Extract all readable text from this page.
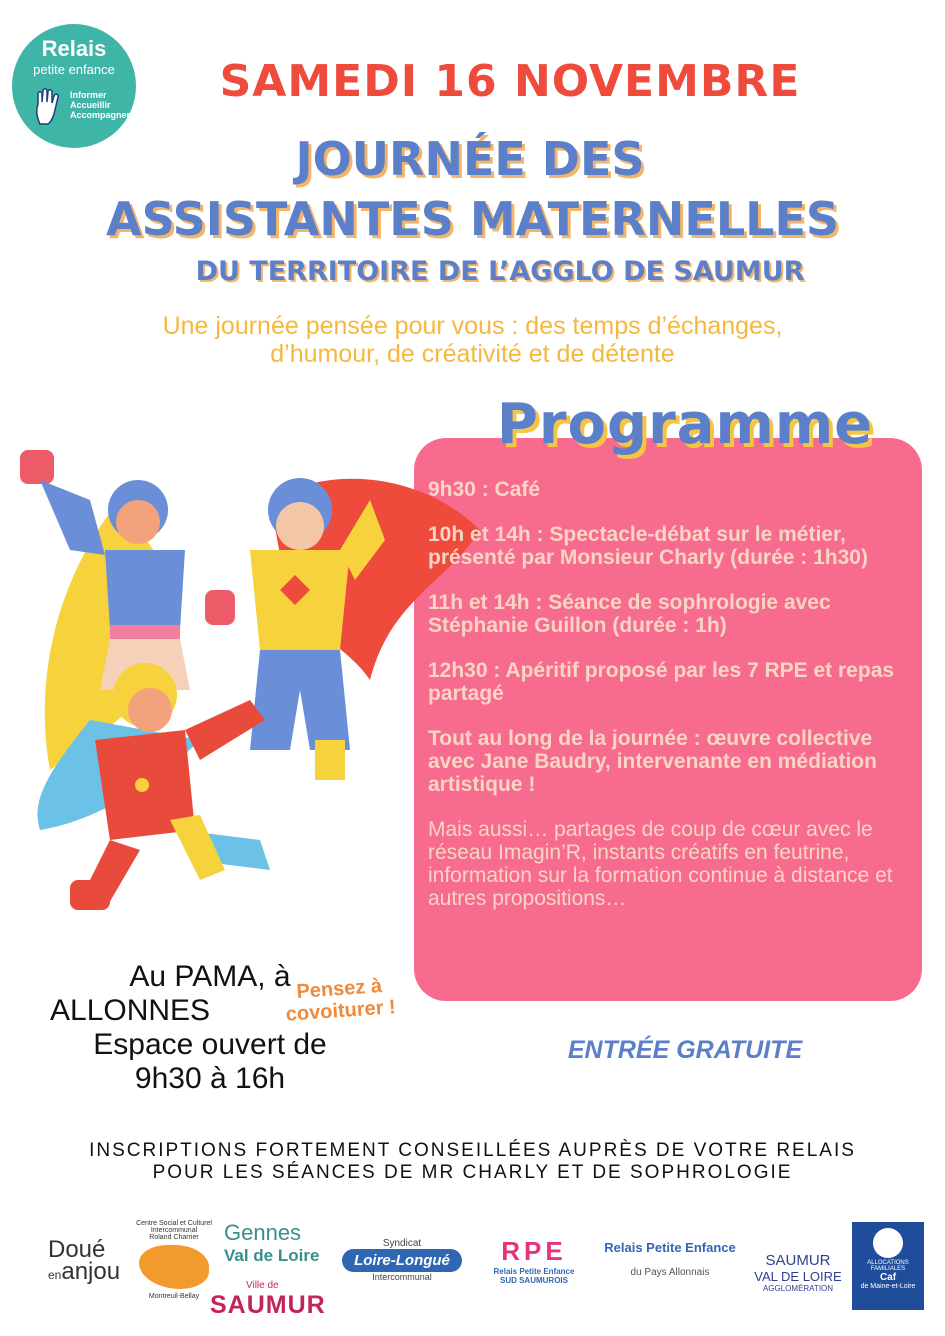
Relais
petite enfance
Informer
Accueillir
Accompagner
SAMEDI 16 NOVEMBRE
JOURNÉE DES
ASSISTANTES MATERNELLES
DU TERRITOIRE DE L’AGGLO DE SAUMUR
Une journée pensée pour vous : des temps d’échanges,
d’humour, de créativité et de détente
Programme
9h30 : Café
10h et 14h : Spectacle-débat sur le métier, présenté par Monsieur Charly (durée : 1h30)
11h et 14h : Séance de sophrologie avec Stéphanie Guillon (durée : 1h)
12h30 : Apéritif proposé par les 7 RPE et repas partagé
Tout au long de la journée : œuvre collective avec Jane Baudry, intervenante en médiation artistique !
Mais aussi… partages de coup de cœur avec le réseau Imagin’R, instants créatifs en feutrine, information sur la formation continue à distance et autres propositions…
Au PAMA, à
ALLONNES
Espace ouvert de
9h30 à 16h
Pensez à
covoiturer !
ENTRÉE GRATUITE
INSCRIPTIONS FORTEMENT CONSEILLÉES AUPRÈS DE VOTRE RELAIS
POUR LES SÉANCES DE MR CHARLY ET DE SOPHROLOGIE
Doué
enanjou
Centre Social et Culturel
Intercommunal
Roland Charrier
Montreuil-Bellay
Gennes
Val de Loire
Ville de
SAUMUR
Syndicat
Loire-Longué
Intercommunal
RPE
Relais Petite Enfance
SUD SAUMUROIS
Relais Petite Enfance
du Pays Allonnais
SAUMUR
VAL DE LOIRE
AGGLOMÉRATION
ALLOCATIONS FAMILIALES
Caf
de Maine-et-Loire
